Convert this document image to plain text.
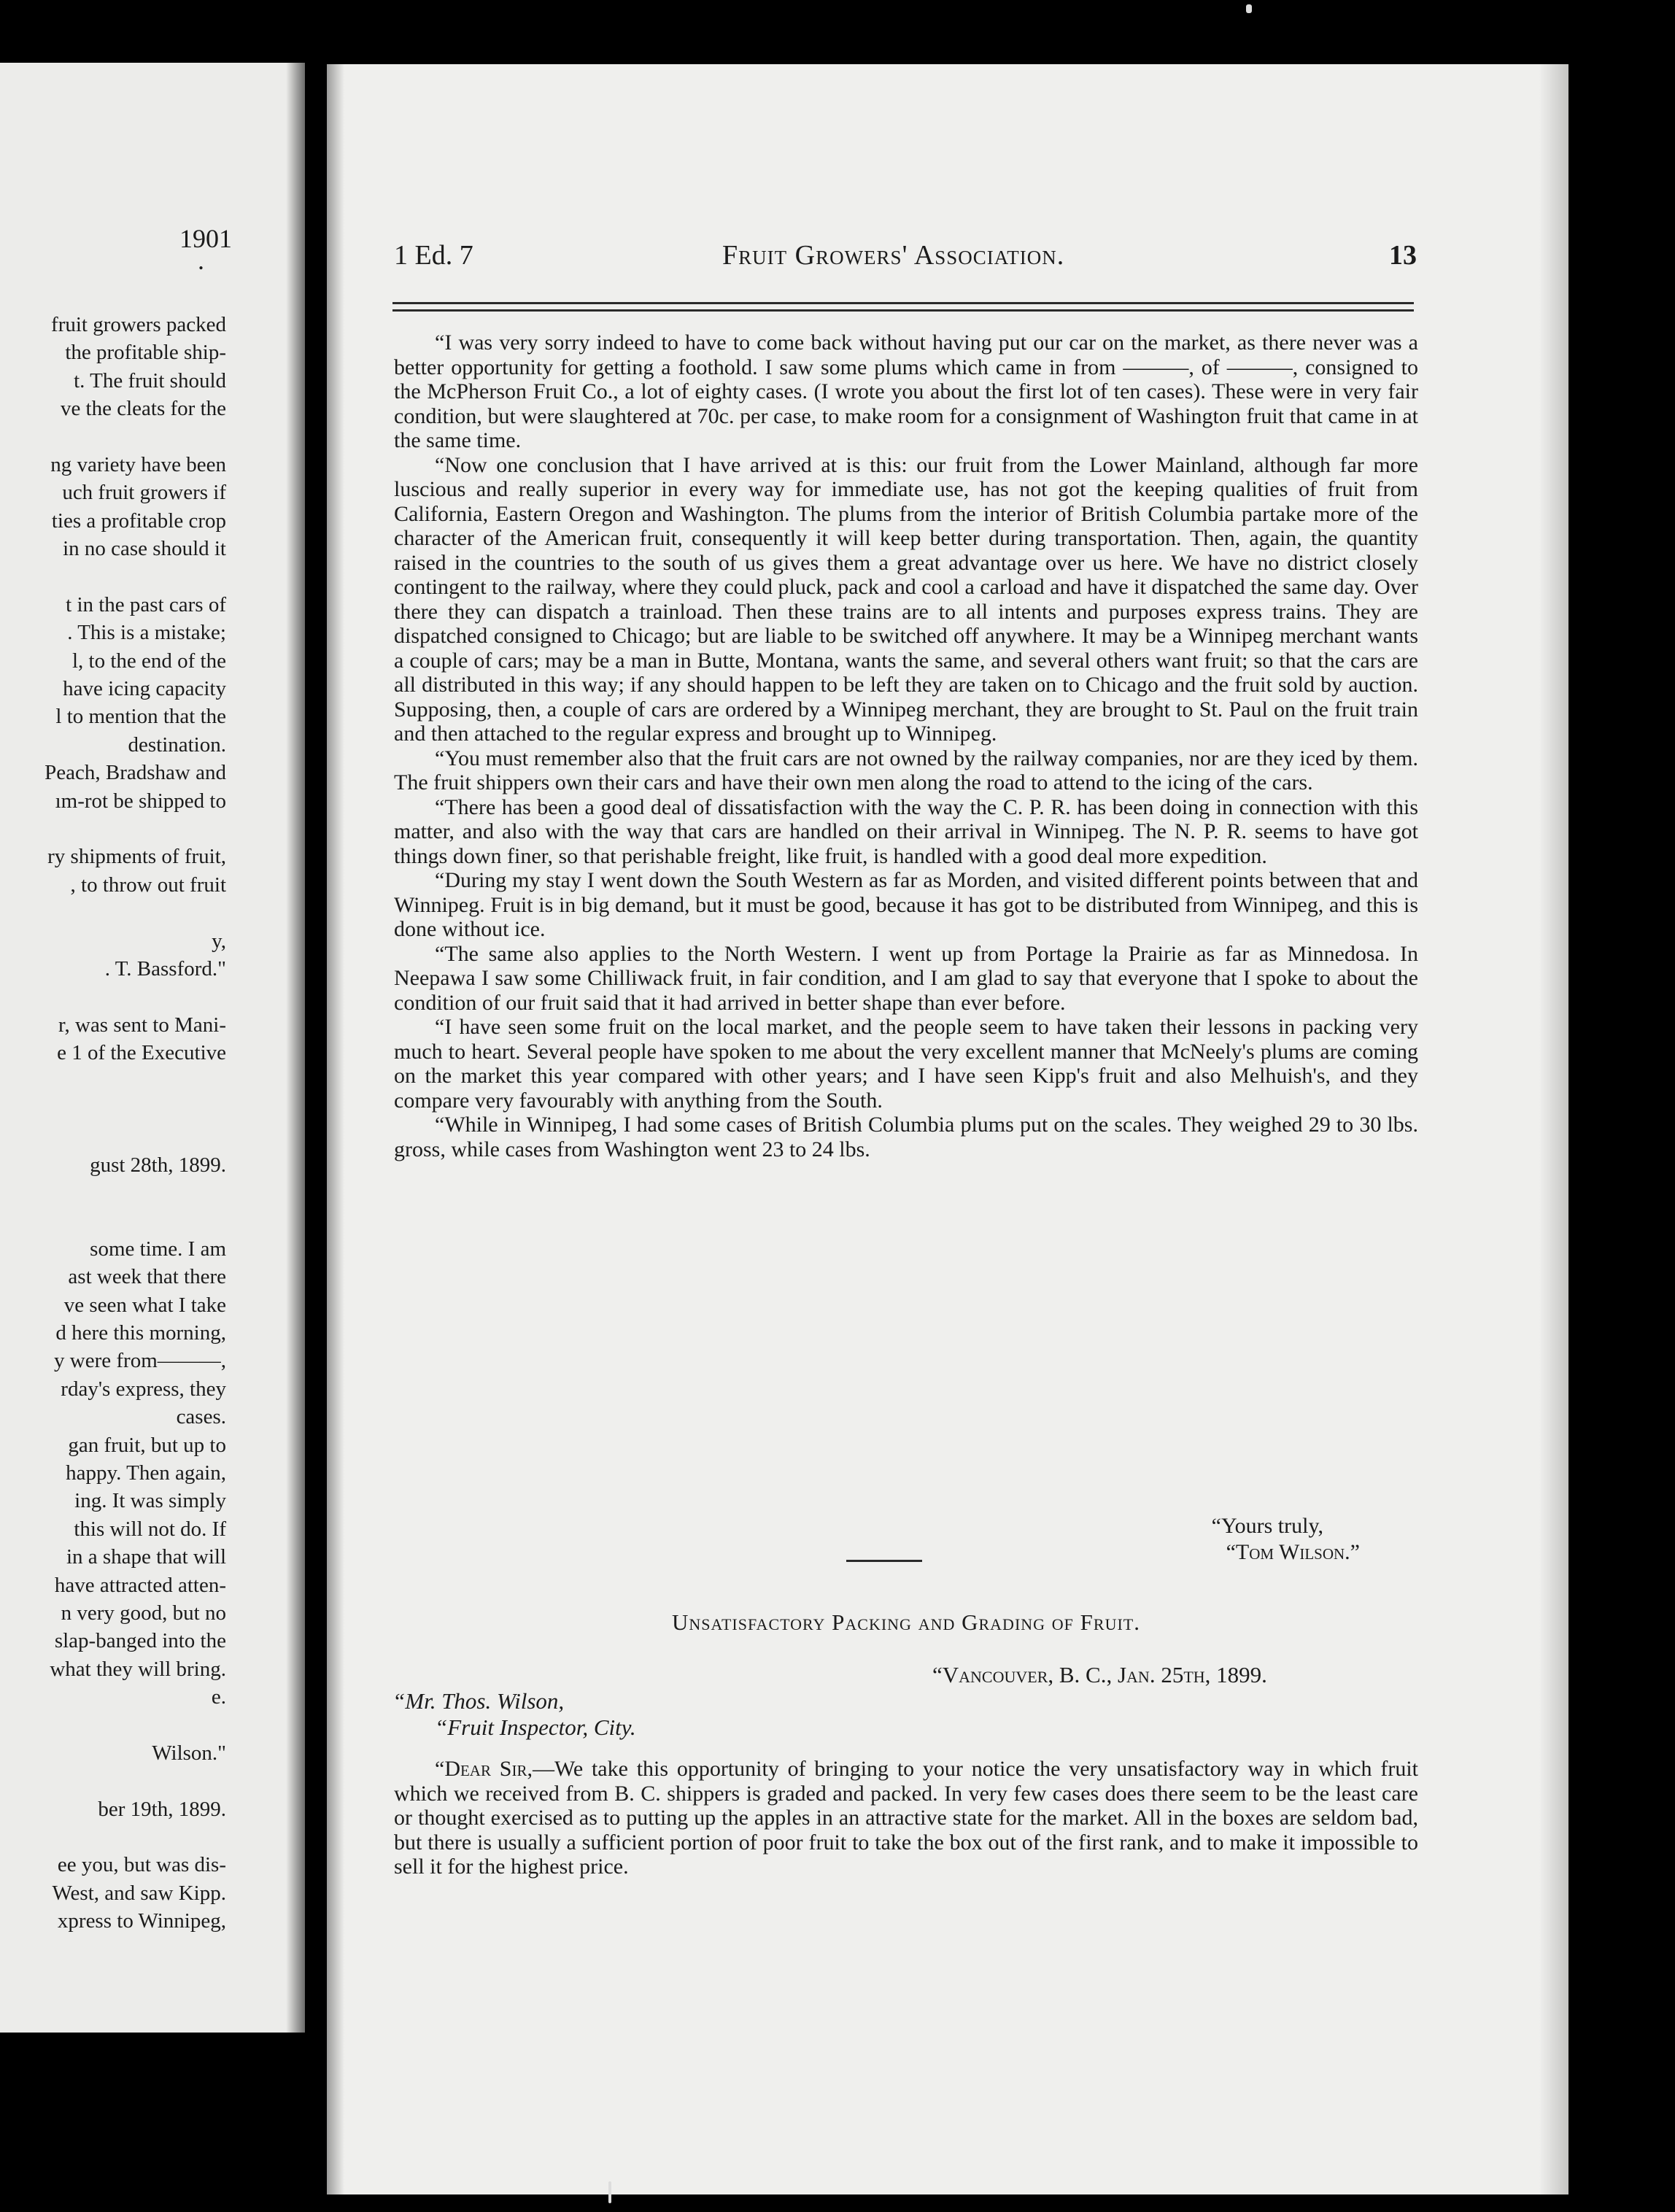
1901
.
fruit growers packed
the profitable ship-
t. The fruit should
ve the cleats for the
ng variety have been
uch fruit growers if
ties a profitable crop
in no case should it
t in the past cars of
. This is a mistake;
l, to the end of the
have icing capacity
l to mention that the
destination.
Peach, Bradshaw and
ım-rot be shipped to
ry shipments of fruit,
, to throw out fruit
y,
. T. Bassford."
r, was sent to Mani-
e 1 of the Executive
gust 28th, 1899.
some time. I am
ast week that there
ve seen what I take
d here this morning,
y were from———,
rday's express, they
cases.
gan fruit, but up to
happy. Then again,
ing. It was simply
this will not do. If
in a shape that will
have attracted atten-
n very good, but no
slap-banged into the
what they will bring.
e.
Wilson."
ber 19th, 1899.
ee you, but was dis-
West, and saw Kipp.
xpress to Winnipeg,
1 Ed. 7	Fruit Growers' Association.	13

“I was very sorry indeed to have to come back without having put our car on the market, as there never was a better opportunity for getting a foothold. I saw some plums which came in from ———, of ———, consigned to the McPherson Fruit Co., a lot of eighty cases. (I wrote you about the first lot of ten cases). These were in very fair condition, but were slaughtered at 70c. per case, to make room for a consignment of Washington fruit that came in at the same time.

“Now one conclusion that I have arrived at is this: our fruit from the Lower Mainland, although far more luscious and really superior in every way for immediate use, has not got the keeping qualities of fruit from California, Eastern Oregon and Washington. The plums from the interior of British Columbia partake more of the character of the American fruit, consequently it will keep better during transportation. Then, again, the quantity raised in the countries to the south of us gives them a great advantage over us here. We have no district closely contingent to the railway, where they could pluck, pack and cool a carload and have it dispatched the same day. Over there they can dispatch a trainload. Then these trains are to all intents and purposes express trains. They are dispatched consigned to Chicago; but are liable to be switched off anywhere. It may be a Winnipeg merchant wants a couple of cars; may be a man in Butte, Montana, wants the same, and several others want fruit; so that the cars are all distributed in this way; if any should happen to be left they are taken on to Chicago and the fruit sold by auction. Supposing, then, a couple of cars are ordered by a Winnipeg merchant, they are brought to St. Paul on the fruit train and then attached to the regular express and brought up to Winnipeg.

“You must remember also that the fruit cars are not owned by the railway companies, nor are they iced by them. The fruit shippers own their cars and have their own men along the road to attend to the icing of the cars.

“There has been a good deal of dissatisfaction with the way the C. P. R. has been doing in connection with this matter, and also with the way that cars are handled on their arrival in Winnipeg. The N. P. R. seems to have got things down finer, so that perishable freight, like fruit, is handled with a good deal more expedition.

“During my stay I went down the South Western as far as Morden, and visited different points between that and Winnipeg. Fruit is in big demand, but it must be good, because it has got to be distributed from Winnipeg, and this is done without ice.

“The same also applies to the North Western. I went up from Portage la Prairie as far as Minnedosa. In Neepawa I saw some Chilliwack fruit, in fair condition, and I am glad to say that everyone that I spoke to about the condition of our fruit said that it had arrived in better shape than ever before.

“I have seen some fruit on the local market, and the people seem to have taken their lessons in packing very much to heart. Several people have spoken to me about the very excellent manner that McNeely's plums are coming on the market this year compared with other years; and I have seen Kipp's fruit and also Melhuish's, and they compare very favourably with anything from the South.

“While in Winnipeg, I had some cases of British Columbia plums put on the scales. They weighed 29 to 30 lbs. gross, while cases from Washington went 23 to 24 lbs.

“Yours truly,
“Tom Wilson.”
Unsatisfactory Packing and Grading of Fruit.
“Vancouver, B. C., Jan. 25th, 1899.
“Mr. Thos. Wilson,
“Fruit Inspector, City.

“Dear Sir,—We take this opportunity of bringing to your notice the very unsatisfactory way in which fruit which we received from B. C. shippers is graded and packed. In very few cases does there seem to be the least care or thought exercised as to putting up the apples in an attractive state for the market. All in the boxes are seldom bad, but there is usually a sufficient portion of poor fruit to take the box out of the first rank, and to make it impossible to sell it for the highest price.
